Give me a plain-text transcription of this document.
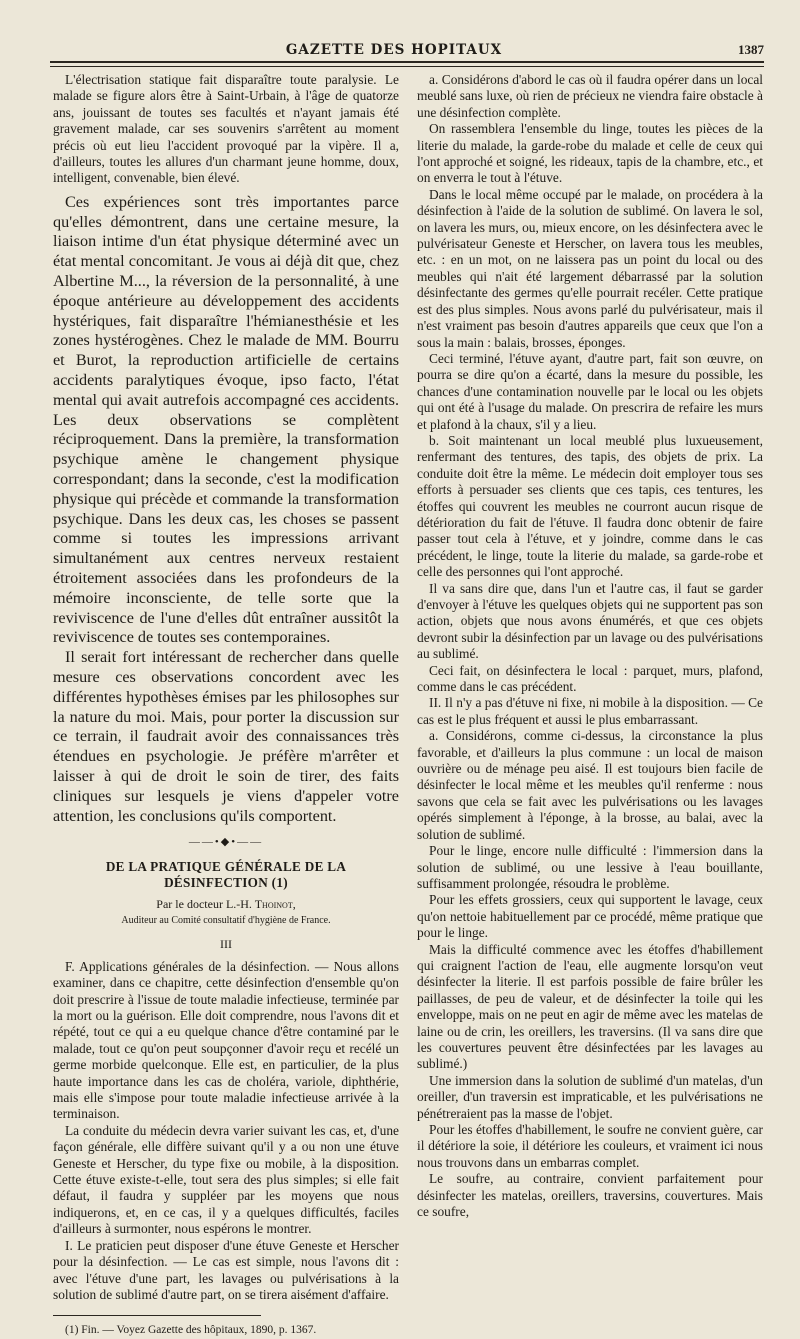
GAZETTE DES HOPITAUX	1387

L'électrisation statique fait disparaître toute paralysie. Le malade se figure alors être à Saint-Urbain, à l'âge de quatorze ans, jouissant de toutes ses facultés et n'ayant jamais été gravement malade, car ses souvenirs s'arrêtent au moment précis où eut lieu l'accident provoqué par la vipère. Il a, d'ailleurs, toutes les allures d'un charmant jeune homme, doux, intelligent, convenable, bien élevé.

Ces expériences sont très importantes parce qu'elles démontrent, dans une certaine mesure, la liaison intime d'un état physique déterminé avec un état mental concomitant. Je vous ai déjà dit que, chez Albertine M..., la réversion de la personnalité, à une époque antérieure au développement des accidents hystériques, fait disparaître l'hémianesthésie et les zones hystérogènes. Chez le malade de MM. Bourru et Burot, la reproduction artificielle de certains accidents paralytiques évoque, ipso facto, l'état mental qui avait autrefois accompagné ces accidents. Les deux observations se complètent réciproquement. Dans la première, la transformation psychique amène le changement physique correspondant; dans la seconde, c'est la modification physique qui précède et commande la transformation psychique. Dans les deux cas, les choses se passent comme si toutes les impressions arrivant simultanément aux centres nerveux restaient étroitement associées dans les profondeurs de la mémoire inconsciente, de telle sorte que la reviviscence de l'une d'elles dût entraîner aussitôt la reviviscence de toutes ses contemporaines.

Il serait fort intéressant de rechercher dans quelle mesure ces observations concordent avec les différentes hypothèses émises par les philosophes sur la nature du moi. Mais, pour porter la discussion sur ce terrain, il faudrait avoir des connaissances très étendues en psychologie. Je préfère m'arrêter et laisser à qui de droit le soin de tirer, des faits cliniques sur lesquels je viens d'appeler votre attention, les conclusions qu'ils comportent.

——•◆•——
DE LA PRATIQUE GÉNÉRALE DE LA DÉSINFECTION (1)
Par le docteur L.-H. Thoinot,
Auditeur au Comité consultatif d'hygiène de France.
III

F. Applications générales de la désinfection. — Nous allons examiner, dans ce chapitre, cette désinfection d'ensemble qu'on doit prescrire à l'issue de toute maladie infectieuse, terminée par la mort ou la guérison. Elle doit comprendre, nous l'avons dit et répété, tout ce qui a eu quelque chance d'être contaminé par le malade, tout ce qu'on peut soupçonner d'avoir reçu et recélé un germe morbide quelconque. Elle est, en particulier, de la plus haute importance dans les cas de choléra, variole, diphthérie, mais elle s'impose pour toute maladie infectieuse arrivée à la terminaison.

La conduite du médecin devra varier suivant les cas, et, d'une façon générale, elle diffère suivant qu'il y a ou non une étuve Geneste et Herscher, du type fixe ou mobile, à la disposition. Cette étuve existe-t-elle, tout sera des plus simples; si elle fait défaut, il faudra y suppléer par les moyens que nous indiquerons, et, en ce cas, il y a quelques difficultés, faciles d'ailleurs à surmonter, nous espérons le montrer.

I. Le praticien peut disposer d'une étuve Geneste et Herscher pour la désinfection. — Le cas est simple, nous l'avons dit : avec l'étuve d'une part, les lavages ou pulvérisations à la solution de sublimé d'autre part, on se tirera aisément d'affaire.

(1) Fin. — Voyez Gazette des hôpitaux, 1890, p. 1367.

a. Considérons d'abord le cas où il faudra opérer dans un local meublé sans luxe, où rien de précieux ne viendra faire obstacle à une désinfection complète.

On rassemblera l'ensemble du linge, toutes les pièces de la literie du malade, la garde-robe du malade et celle de ceux qui l'ont approché et soigné, les rideaux, tapis de la chambre, etc., et on enverra le tout à l'étuve.

Dans le local même occupé par le malade, on procédera à la désinfection à l'aide de la solution de sublimé. On lavera le sol, on lavera les murs, ou, mieux encore, on les désinfectera avec le pulvérisateur Geneste et Herscher, on lavera tous les meubles, etc. : en un mot, on ne laissera pas un point du local ou des meubles qui n'ait été largement débarrassé par la solution désinfectante des germes qu'elle pourrait recéler. Cette pratique est des plus simples. Nous avons parlé du pulvérisateur, mais il n'est vraiment pas besoin d'autres appareils que ceux que l'on a sous la main : balais, brosses, éponges.

Ceci terminé, l'étuve ayant, d'autre part, fait son œuvre, on pourra se dire qu'on a écarté, dans la mesure du possible, les chances d'une contamination nouvelle par le local ou les objets qui ont été à l'usage du malade. On prescrira de refaire les murs et plafond à la chaux, s'il y a lieu.

b. Soit maintenant un local meublé plus luxueusement, renfermant des tentures, des tapis, des objets de prix. La conduite doit être la même. Le médecin doit employer tous ses efforts à persuader ses clients que ces tapis, ces tentures, les étoffes qui couvrent les meubles ne courront aucun risque de détérioration du fait de l'étuve. Il faudra donc obtenir de faire passer tout cela à l'étuve, et y joindre, comme dans le cas précédent, le linge, toute la literie du malade, sa garde-robe et celle des personnes qui l'ont approché.

Il va sans dire que, dans l'un et l'autre cas, il faut se garder d'envoyer à l'étuve les quelques objets qui ne supportent pas son action, objets que nous avons énumérés, et que ces objets devront subir la désinfection par un lavage ou des pulvérisations au sublimé.

Ceci fait, on désinfectera le local : parquet, murs, plafond, comme dans le cas précédent.

II. Il n'y a pas d'étuve ni fixe, ni mobile à la disposition. — Ce cas est le plus fréquent et aussi le plus embarrassant.

a. Considérons, comme ci-dessus, la circonstance la plus favorable, et d'ailleurs la plus commune : un local de maison ouvrière ou de ménage peu aisé. Il est toujours bien facile de désinfecter le local même et les meubles qu'il renferme : nous savons que cela se fait avec les pulvérisations ou les lavages opérés simplement à l'éponge, à la brosse, au balai, avec la solution de sublimé.

Pour le linge, encore nulle difficulté : l'immersion dans la solution de sublimé, ou une lessive à l'eau bouillante, suffisamment prolongée, résoudra le problème.

Pour les effets grossiers, ceux qui supportent le lavage, ceux qu'on nettoie habituellement par ce procédé, même pratique que pour le linge.

Mais la difficulté commence avec les étoffes d'habillement qui craignent l'action de l'eau, elle augmente lorsqu'on veut désinfecter la literie. Il est parfois possible de faire brûler les paillasses, de peu de valeur, et de désinfecter la toile qui les enveloppe, mais on ne peut en agir de même avec les matelas de laine ou de crin, les oreillers, les traversins. (Il va sans dire que les couvertures peuvent être désinfectées par les lavages au sublimé.)

Une immersion dans la solution de sublimé d'un matelas, d'un oreiller, d'un traversin est impraticable, et les pulvérisations ne pénétreraient pas la masse de l'objet.

Pour les étoffes d'habillement, le soufre ne convient guère, car il détériore la soie, il détériore les couleurs, et vraiment ici nous nous trouvons dans un embarras complet.

Le soufre, au contraire, convient parfaitement pour désinfecter les matelas, oreillers, traversins, couvertures. Mais ce soufre,
